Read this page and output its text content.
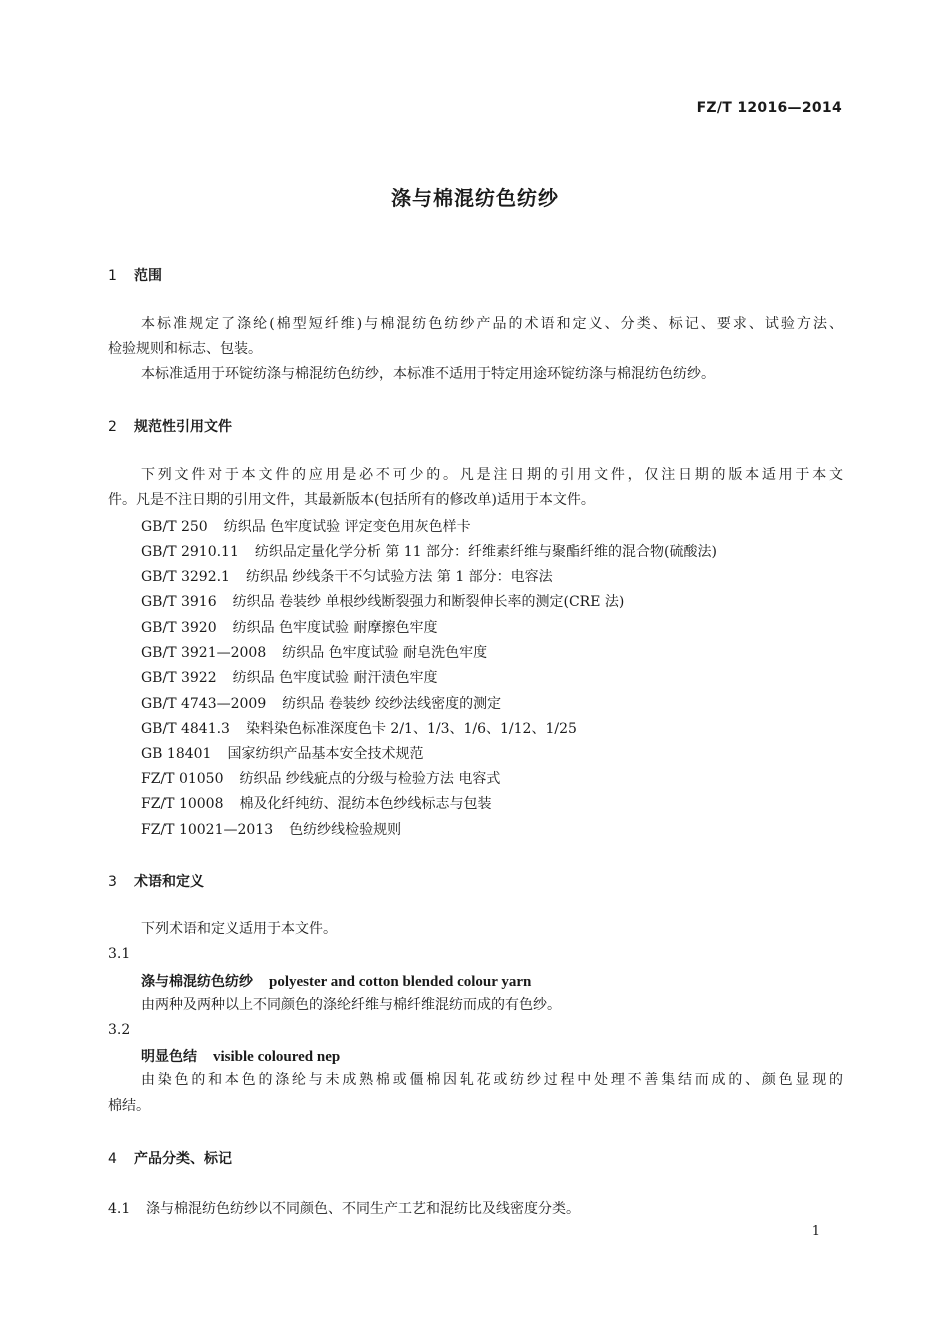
FZ/T 12016—2014
涤与棉混纺色纺纱
1 范围
本标准规定了涤纶(棉型短纤维)与棉混纺色纺纱产品的术语和定义、分类、标记、要求、试验方法、
检验规则和标志、包装。
本标准适用于环锭纺涤与棉混纺色纺纱，本标准不适用于特定用途环锭纺涤与棉混纺色纺纱。
2 规范性引用文件
下列文件对于本文件的应用是必不可少的。凡是注日期的引用文件，仅注日期的版本适用于本文
件。凡是不注日期的引用文件，其最新版本(包括所有的修改单)适用于本文件。
GB/T 250 纺织品 色牢度试验 评定变色用灰色样卡
GB/T 2910.11 纺织品定量化学分析 第 11 部分：纤维素纤维与聚酯纤维的混合物(硫酸法)
GB/T 3292.1 纺织品 纱线条干不匀试验方法 第 1 部分：电容法
GB/T 3916 纺织品 卷装纱 单根纱线断裂强力和断裂伸长率的测定(CRE 法)
GB/T 3920 纺织品 色牢度试验 耐摩擦色牢度
GB/T 3921—2008 纺织品 色牢度试验 耐皂洗色牢度
GB/T 3922 纺织品 色牢度试验 耐汗渍色牢度
GB/T 4743—2009 纺织品 卷装纱 绞纱法线密度的测定
GB/T 4841.3 染料染色标准深度色卡 2/1、1/3、1/6、1/12、1/25
GB 18401 国家纺织产品基本安全技术规范
FZ/T 01050 纺织品 纱线疵点的分级与检验方法 电容式
FZ/T 10008 棉及化纤纯纺、混纺本色纱线标志与包装
FZ/T 10021—2013 色纺纱线检验规则
3 术语和定义
下列术语和定义适用于本文件。
3.1
涤与棉混纺色纺纱 polyester and cotton blended colour yarn
由两种及两种以上不同颜色的涤纶纤维与棉纤维混纺而成的有色纱。
3.2
明显色结 visible coloured nep
由染色的和本色的涤纶与未成熟棉或僵棉因轧花或纺纱过程中处理不善集结而成的、颜色显现的
棉结。
4 产品分类、标记
4.1 涤与棉混纺色纺纱以不同颜色、不同生产工艺和混纺比及线密度分类。
1
